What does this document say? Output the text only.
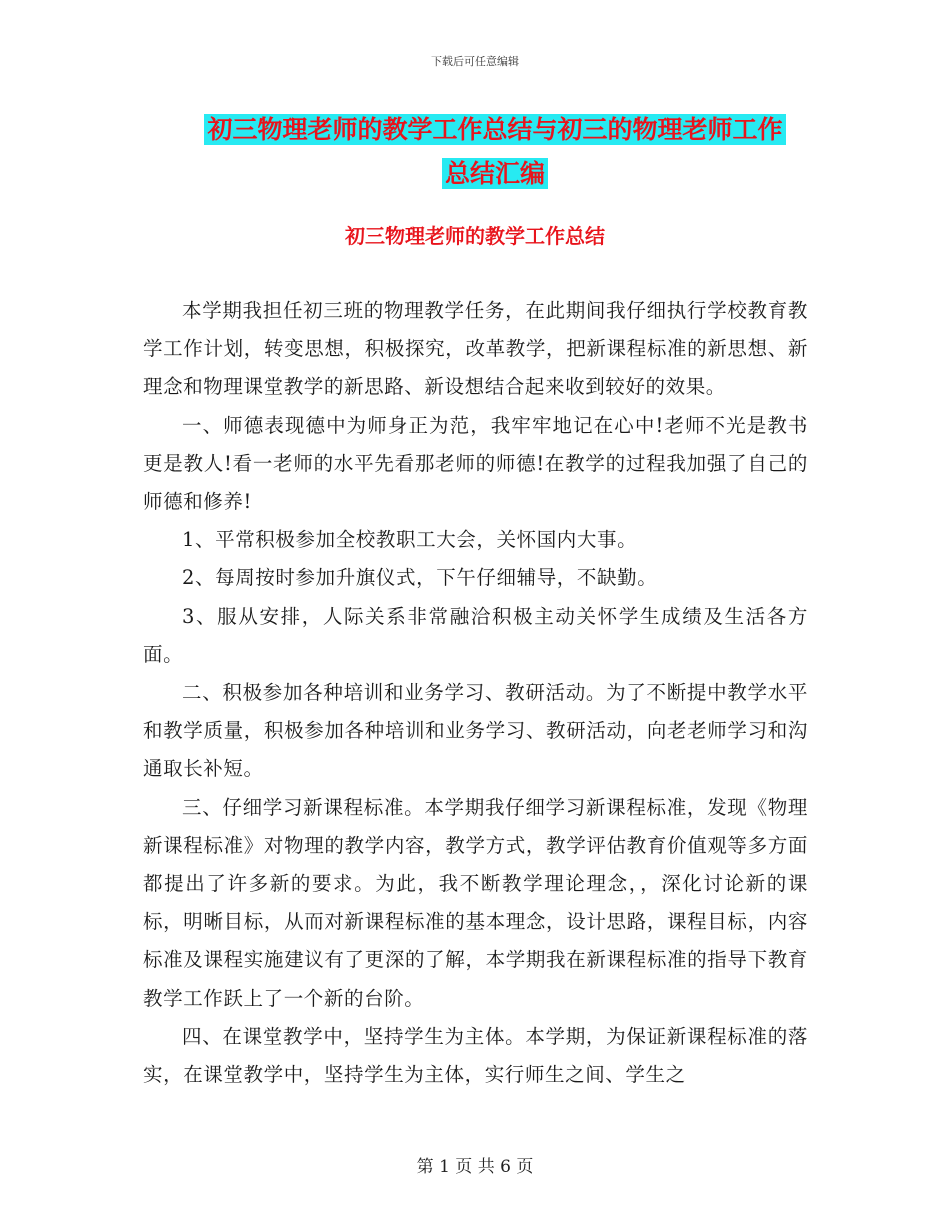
下载后可任意编辑
初三物理老师的教学工作总结与初三的物理老师工作
总结汇编
初三物理老师的教学工作总结

本学期我担任初三班的物理教学任务，在此期间我仔细执行学校教育教学工作计划，转变思想，积极探究，改革教学，把新课程标准的新思想、新理念和物理课堂教学的新思路、新设想结合起来收到较好的效果。

一、师德表现德中为师身正为范，我牢牢地记在心中!老师不光是教书更是教人!看一老师的水平先看那老师的师德!在教学的过程我加强了自己的师德和修养!

1、平常积极参加全校教职工大会，关怀国内大事。

2、每周按时参加升旗仪式，下午仔细辅导，不缺勤。

3、服从安排，人际关系非常融洽积极主动关怀学生成绩及生活各方面。

二、积极参加各种培训和业务学习、教研活动。为了不断提中教学水平和教学质量，积极参加各种培训和业务学习、教研活动，向老老师学习和沟通取长补短。

三、仔细学习新课程标准。本学期我仔细学习新课程标准，发现《物理新课程标准》对物理的教学内容，教学方式，教学评估教育价值观等多方面都提出了许多新的要求。为此，我不断教学理论理念，，深化讨论新的课标，明晰目标，从而对新课程标准的基本理念，设计思路，课程目标，内容标准及课程实施建议有了更深的了解，本学期我在新课程标准的指导下教育教学工作跃上了一个新的台阶。

四、在课堂教学中，坚持学生为主体。本学期，为保证新课程标准的落实，在课堂教学中，坚持学生为主体，实行师生之间、学生之

第 1 页 共 6 页
